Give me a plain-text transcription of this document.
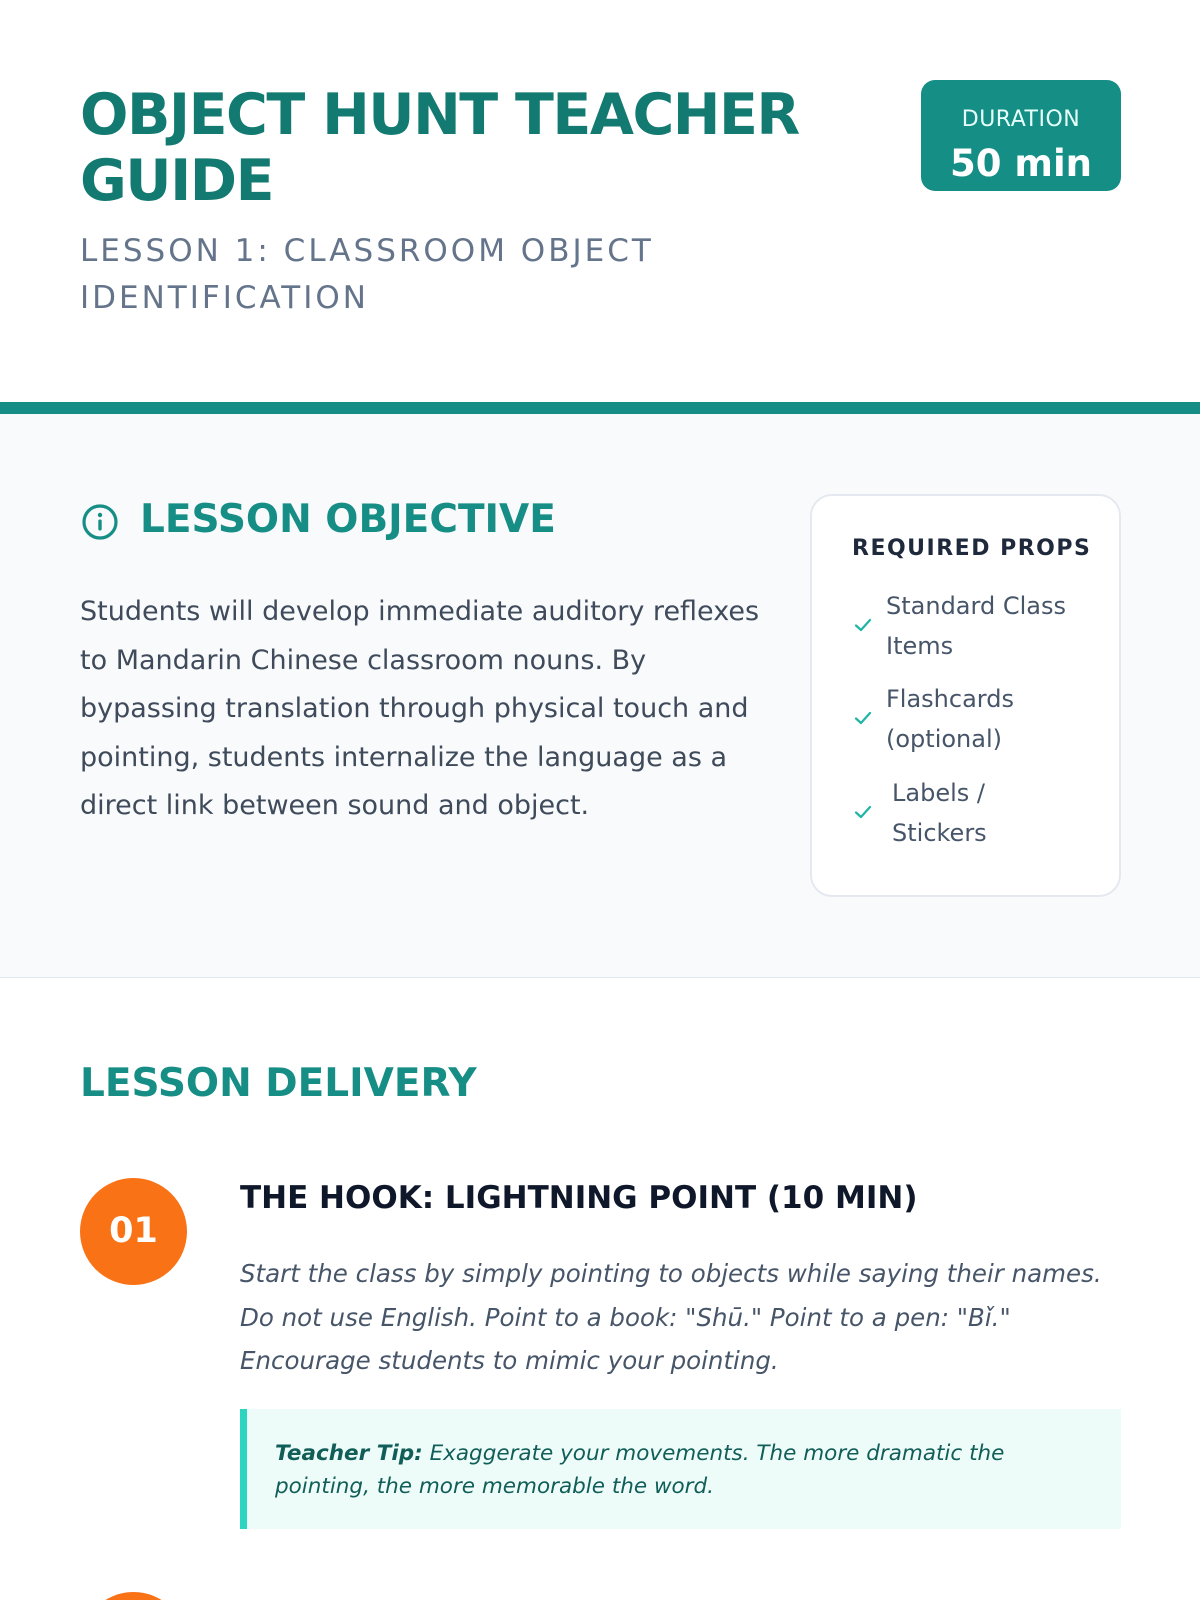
OBJECT HUNT TEACHER GUIDE
LESSON 1: CLASSROOM OBJECT IDENTIFICATION
DURATION
50 min
LESSON OBJECTIVE

Students will develop immediate auditory reflexes to Mandarin Chinese classroom nouns. By bypassing translation through physical touch and pointing, students internalize the language as a direct link between sound and object.

REQUIRED PROPS
Standard Class Items
Flashcards (optional)
Labels / Stickers
LESSON DELIVERY
01
THE HOOK: LIGHTNING POINT (10 MIN)

Start the class by simply pointing to objects while saying their names. Do not use English. Point to a book: "Shū." Point to a pen: "Bǐ." Encourage students to mimic your pointing.

Teacher Tip: Exaggerate your movements. The more dramatic the pointing, the more memorable the word.
